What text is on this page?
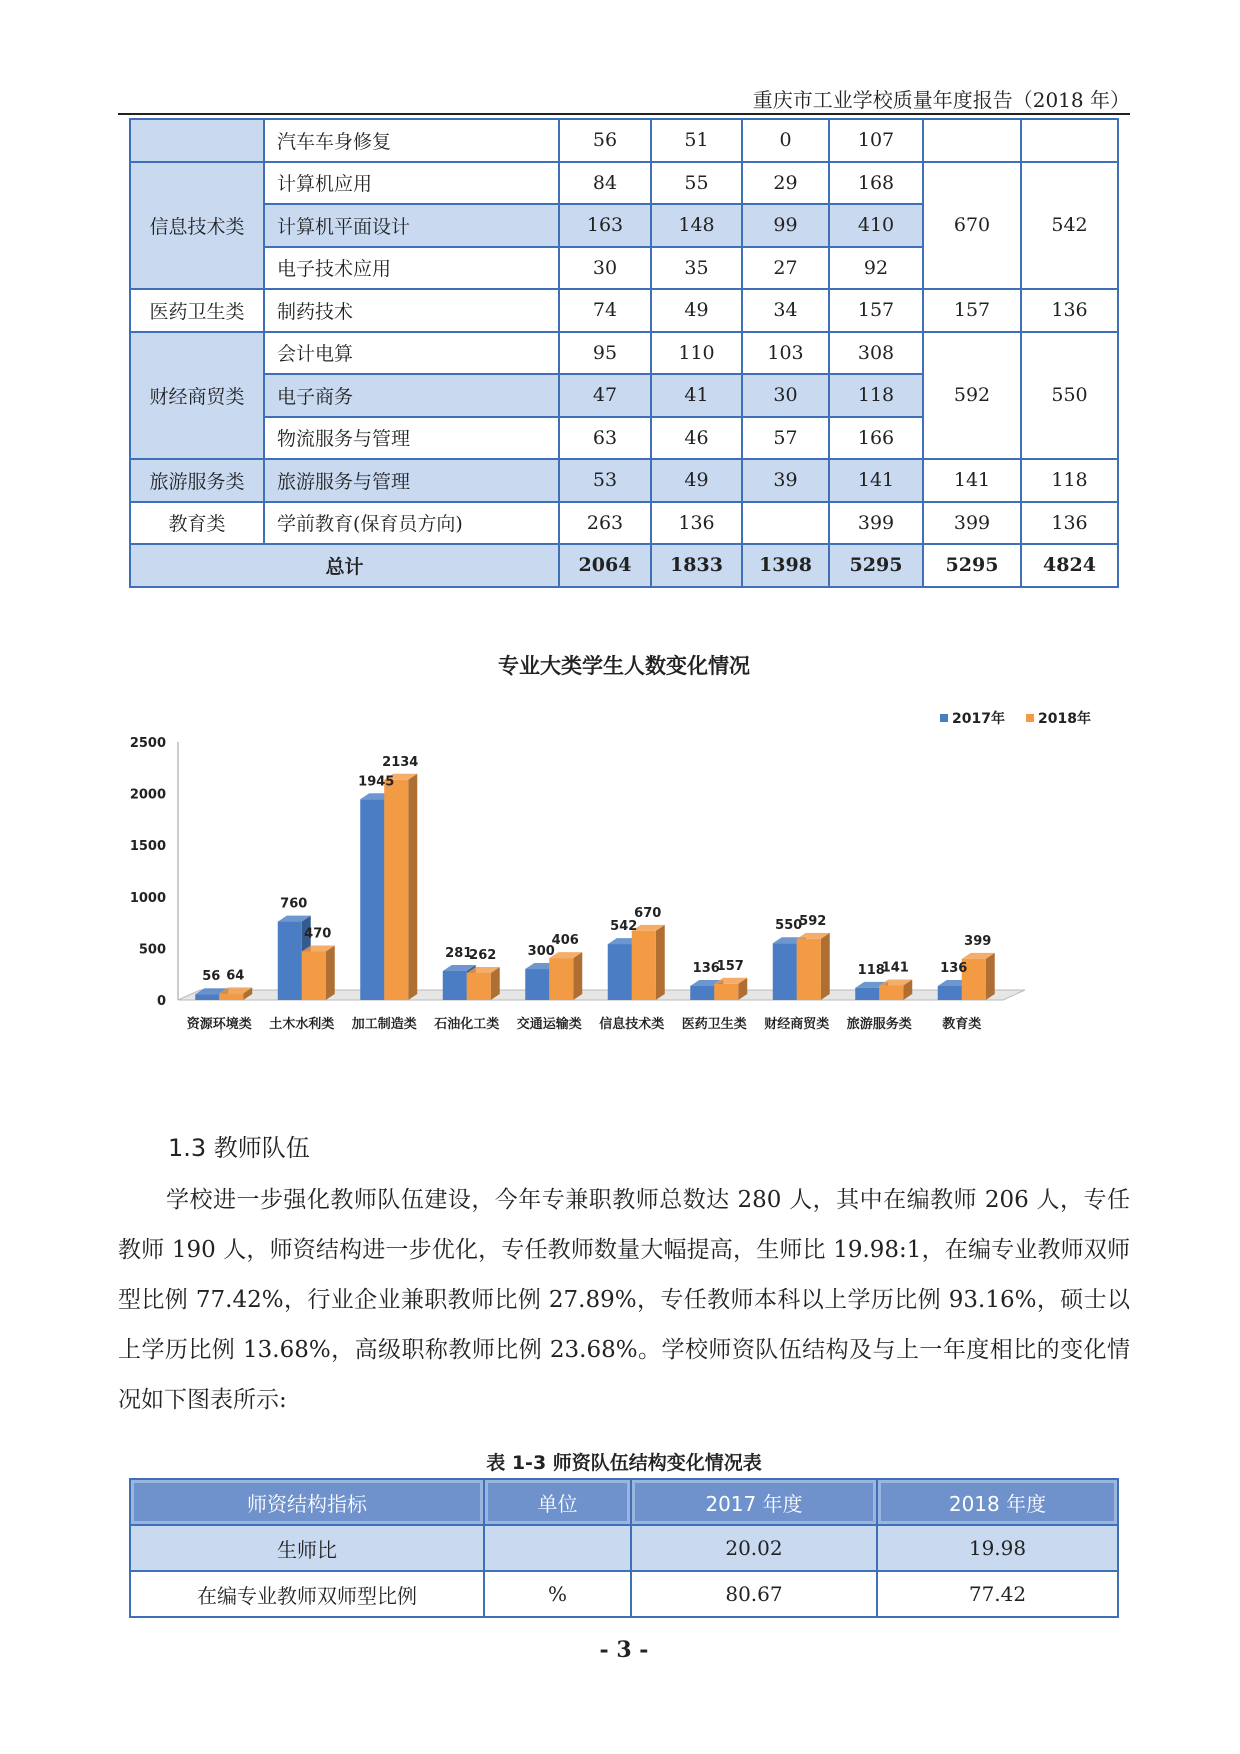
重庆市工业学校质量年度报告（2018 年）
	汽车车身修复	56	51	0	107		
信息技术类	计算机应用	84	55	29	168	670	542
	计算机平面设计	163	148	99	410		
	电子技术应用	30	35	27	92		
医药卫生类	制药技术	74	49	34	157	157	136
财经商贸类	会计电算	95	110	103	308	592	550
	电子商务	47	41	30	118		
	物流服务与管理	63	46	57	166		
旅游服务类	旅游服务与管理	53	49	39	141	141	118
教育类	学前教育(保育员方向)	263	136		399	399	136
总计		2064	1833	1398	5295	5295	4824
专业大类学生人数变化情况
0
500
1000
1500
2000
2500
56 64
760
470
1945
2134
281
262 300
406
542
670
136
157
550
592
118
141 136
399
资源环境类 土木水利类 加工制造类 石油化工类 交通运输类 信息技术类 医药卫生类 财经商贸类 旅游服务类 教育类
2017年 2018年
1.3 教师队伍
学校进一步强化教师队伍建设，今年专兼职教师总数达 280 人，其中在编教师 206 人，专任教师 190 人，师资结构进一步优化，专任教师数量大幅提高，生师比 19.98:1，在编专业教师双师型比例 77.42%，行业企业兼职教师比例 27.89%，专任教师本科以上学历比例 93.16%，硕士以上学历比例 13.68%，高级职称教师比例 23.68%。学校师资队伍结构及与上一年度相比的变化情况如下图表所示:
表 1-3 师资队伍结构变化情况表
师资结构指标	单位	2017 年度	2018 年度
生师比		20.02	19.98
在编专业教师双师型比例	%	80.67	77.42
- 3 -
